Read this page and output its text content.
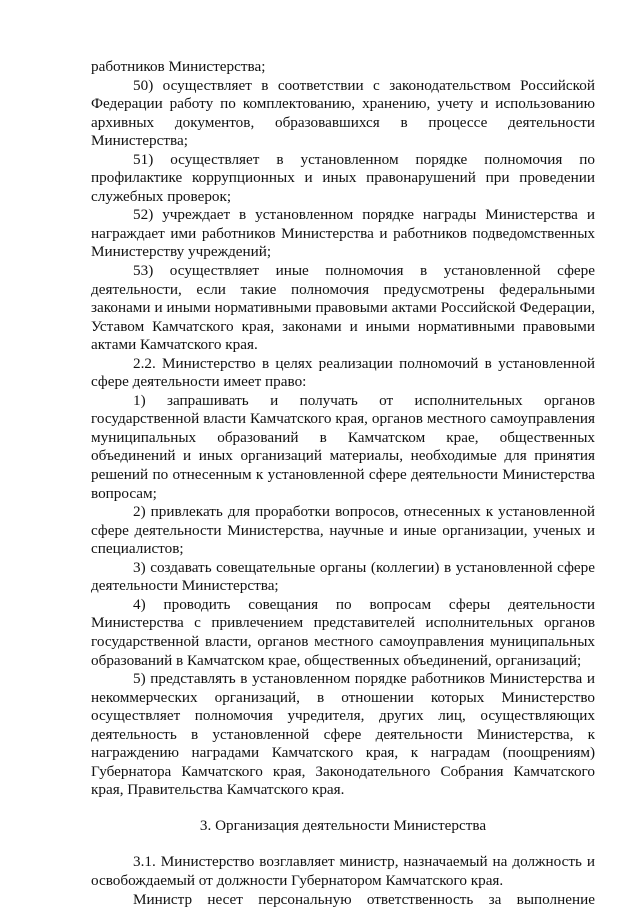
работников Министерства;

50) осуществляет в соответствии с законодательством Российской Федерации работу по комплектованию, хранению, учету и использованию архивных документов, образовавшихся в процессе деятельности Министерства;

51) осуществляет в установленном порядке полномочия по профилактике коррупционных и иных правонарушений при проведении служебных проверок;

52) учреждает в установленном порядке награды Министерства и награждает ими работников Министерства и работников подведомственных Министерству учреждений;

53) осуществляет иные полномочия в установленной сфере деятельности, если такие полномочия предусмотрены федеральными законами и иными нормативными правовыми актами Российской Федерации, Уставом Камчатского края, законами и иными нормативными правовыми актами Камчатского края.

2.2. Министерство в целях реализации полномочий в установленной сфере деятельности имеет право:

1) запрашивать и получать от исполнительных органов государственной власти Камчатского края, органов местного самоуправления муниципальных образований в Камчатском крае, общественных объединений и иных организаций материалы, необходимые для принятия решений по отнесенным к установленной сфере деятельности Министерства вопросам;

2) привлекать для проработки вопросов, отнесенных к установленной сфере деятельности Министерства, научные и иные организации, ученых и специалистов;

3) создавать совещательные органы (коллегии) в установленной сфере деятельности Министерства;

4) проводить совещания по вопросам сферы деятельности Министерства с привлечением представителей исполнительных органов государственной власти, органов местного самоуправления муниципальных образований в Камчатском крае, общественных объединений, организаций;

5) представлять в установленном порядке работников Министерства и некоммерческих организаций, в отношении которых Министерство осуществляет полномочия учредителя, других лиц, осуществляющих деятельность в установленной сфере деятельности Министерства, к награждению наградами Камчатского края, к наградам (поощрениям) Губернатора Камчатского края, Законодательного Собрания Камчатского края, Правительства Камчатского края.

3. Организация деятельности Министерства

3.1. Министерство возглавляет министр, назначаемый на должность и освобождаемый от должности Губернатором Камчатского края.

Министр несет персональную ответственность за выполнение
